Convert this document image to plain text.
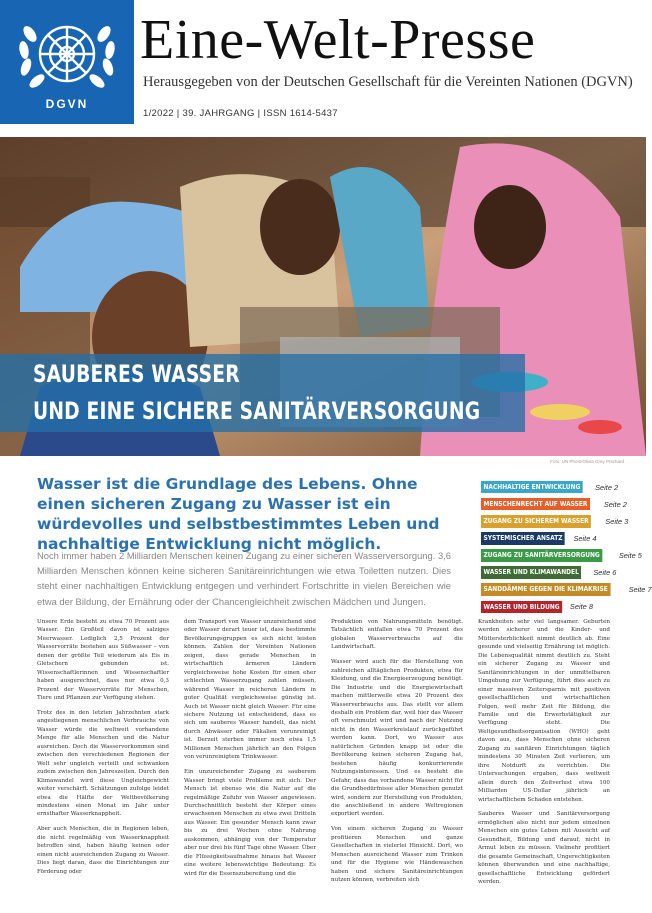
DGVN
Eine-Welt-Presse
Herausgegeben von der Deutschen Gesellschaft für die Vereinten Nationen (DGVN)
1/2022 | 39. JAHRGANG | ISSN 1614-5437
SAUBERES WASSER
UND EINE SICHERE SANITÄRVERSORGUNG
Foto: UN Photo/Olivia Grey Pritchard

Wasser ist die Grundlage des Lebens. Ohne einen sicheren Zugang zu Wasser ist ein würdevolles und selbstbestimmtes Leben und nachhaltige Entwicklung nicht möglich.

Noch immer haben 2 Milliarden Menschen keinen Zugang zu einer sicheren Wasserversorgung. 3,6 Milliarden Menschen können keine sicheren Sanitäreinrichtungen wie etwa Toiletten nutzen. Dies steht einer nachhaltigen Entwicklung entgegen und verhindert Fortschritte in vielen Bereichen wie etwa der Bildung, der Ernährung oder der Chancengleichheit zwischen Mädchen und Jungen.

NACHHALTIGE ENTWICKLUNG	Seite 2
MENSCHENRECHT AUF WASSER	Seite 2
ZUGANG ZU SICHEREM WASSER	Seite 3
SYSTEMISCHER ANSATZ	Seite 4
ZUGANG ZU SANITÄRVERSORGUNG	Seite 5
WASSER UND KLIMAWANDEL	Seite 6
SANDDÄMME GEGEN DIE KLIMAKRISE	Seite 7
WASSER UND BILDUNG	Seite 8

Unsere Erde besteht zu etwa 70 Prozent aus Wasser. Ein Großteil davon ist salziges Meerwasser. Lediglich 2,5 Prozent der Wasservorräte bestehen aus Süßwasser – von denen der größte Teil wiederum als Eis in Gletschern gebunden ist. Wissenschaftlerinnen und Wissenschaftler haben ausgerechnet, dass nur etwa 0,3 Prozent der Wasservorräte für Menschen, Tiere und Pflanzen zur Verfügung stehen.

Trotz des in den letzten Jahrzehnten stark angestiegenen menschlichen Verbrauchs von Wasser würde die weltweit vorhandene Menge für alle Menschen und die Natur ausreichen. Doch die Wasservorkommen sind zwischen den verschiedenen Regionen der Welt sehr ungleich verteilt und schwanken zudem zwischen den Jahreszeiten. Durch den Klimawandel wird diese Ungleichgewicht weiter verschärft. Schätzungen zufolge leidet etwa die Hälfte der Weltbevölkerung mindestens einen Monat im Jahr unter ernsthafter Wasserknappheit.

Aber auch Menschen, die in Regionen leben, die nicht regelmäßig von Wasserknappheit betroffen sind, haben häufig keinen oder einen nicht ausreichenden Zugang zu Wasser. Dies liegt daran, dass die Einrichtungen zur Förderung oder

dem Transport von Wasser unzureichend sind oder Wasser derart teuer ist, dass bestimmte Bevölkerungsgruppen es sich nicht leisten können. Zahlen der Vereinten Nationen zeigen, dass gerade Menschen in wirtschaftlich ärmeren Ländern vergleichsweise hohe Kosten für einen eher schlechten Wasserzugang zahlen müssen, während Wasser in reicheren Ländern in guter Qualität vergleichsweise günstig ist. Auch ist Wasser nicht gleich Wasser: Für eine sichere Nutzung ist entscheidend, dass es sich um sauberes Wasser handelt, das nicht durch Abwässer oder Fäkalien verunreinigt ist. Derzeit sterben immer noch etwa 1,5 Millionen Menschen jährlich an den Folgen von verunreinigtem Trinkwasser.

Ein unzureichender Zugang zu sauberem Wasser bringt viele Probleme mit sich. Der Mensch ist ebenso wie die Natur auf die regelmäßige Zufuhr von Wasser angewiesen. Durchschnittlich besteht der Körper eines erwachsenen Menschen zu etwa zwei Dritteln aus Wasser. Ein gesunder Mensch kann zwar bis zu drei Wochen ohne Nahrung auskommen, abhängig von der Temperatur aber nur drei bis fünf Tage ohne Wasser. Über die Flüssigkeitsaufnahme hinaus hat Wasser eine weitere lebenswichtige Bedeutung: Es wird für die Essenszubereitung und die

Produktion von Nahrungsmitteln benötigt. Tatsächlich entfallen etwa 70 Prozent des globalen Wasserverbrauchs auf die Landwirtschaft.

Wasser wird auch für die Herstellung von zahlreichen alltäglichen Produkten, etwa für Kleidung, und die Energieerzeugung benötigt. Die Industrie und die Energiewirtschaft machen mittlerweile etwa 20 Prozent des Wasserverbrauchs aus. Das stellt vor allem deshalb ein Problem dar, weil hier das Wasser oft verschmutzt wird und nach der Nutzung nicht in den Wasserkreislauf zurückgeführt werden kann. Dort, wo Wasser aus natürlichen Gründen knapp ist oder die Bevölkerung keinen sicheren Zugang hat, bestehen häufig konkurrierende Nutzungsinteressen. Und es besteht die Gefahr, dass das vorhandene Wasser nicht für die Grundbedürfnisse aller Menschen genutzt wird, sondern zur Herstellung von Produkten, die anschließend in andere Weltregionen exportiert werden.

Von einem sicheren Zugang zu Wasser profitieren Menschen und ganze Gesellschaften in vielerlei Hinsicht. Dort, wo Menschen ausreichend Wasser zum Trinken und für die Hygiene wie Händewaschen haben und sichere Sanitäreinrichtungen nutzen können, verbreiten sich

Krankheiten sehr viel langsamer. Geburten werden sicherer und die Kinder- und Müttersterblichkeit nimmt deutlich ab. Eine gesunde und vielseitig Ernährung ist möglich. Die Lebensqualität nimmt deutlich zu. Steht ein sicherer Zugang zu Wasser und Sanitäreinrichtungen in der unmittelbaren Umgebung zur Verfügung, führt dies auch zu einer massiven Zeitersparnis mit positiven gesellschaftlichen und wirtschaftlichen Folgen, weil mehr Zeit für Bildung, die Familie und die Erwerbstätigkeit zur Verfügung steht. Die Weltgesundheitsorganisation (WHO) geht davon aus, dass Menschen ohne sicheren Zugang zu sanitären Einrichtungen täglich mindestens 30 Minuten Zeit verlieren, um ihre Notdurft zu verrichten. Die Untersuchungen ergaben, dass weltweit allein durch den Zeitverlust etwa 100 Milliarden US-Dollar jährlich an wirtschaftlichem Schaden entstehen.

Sauberes Wasser und Sanitärversorgung ermöglichen also nicht nur jedem einzelnen Menschen ein gutes Leben mit Aussicht auf Gesundheit, Bildung und darauf, nicht in Armut leben zu müssen. Vielmehr profitiert die gesamte Gemeinschaft, Ungerechtigkeiten können überwunden und eine nachhaltige, gesellschaftliche Entwicklung gefördert werden.
